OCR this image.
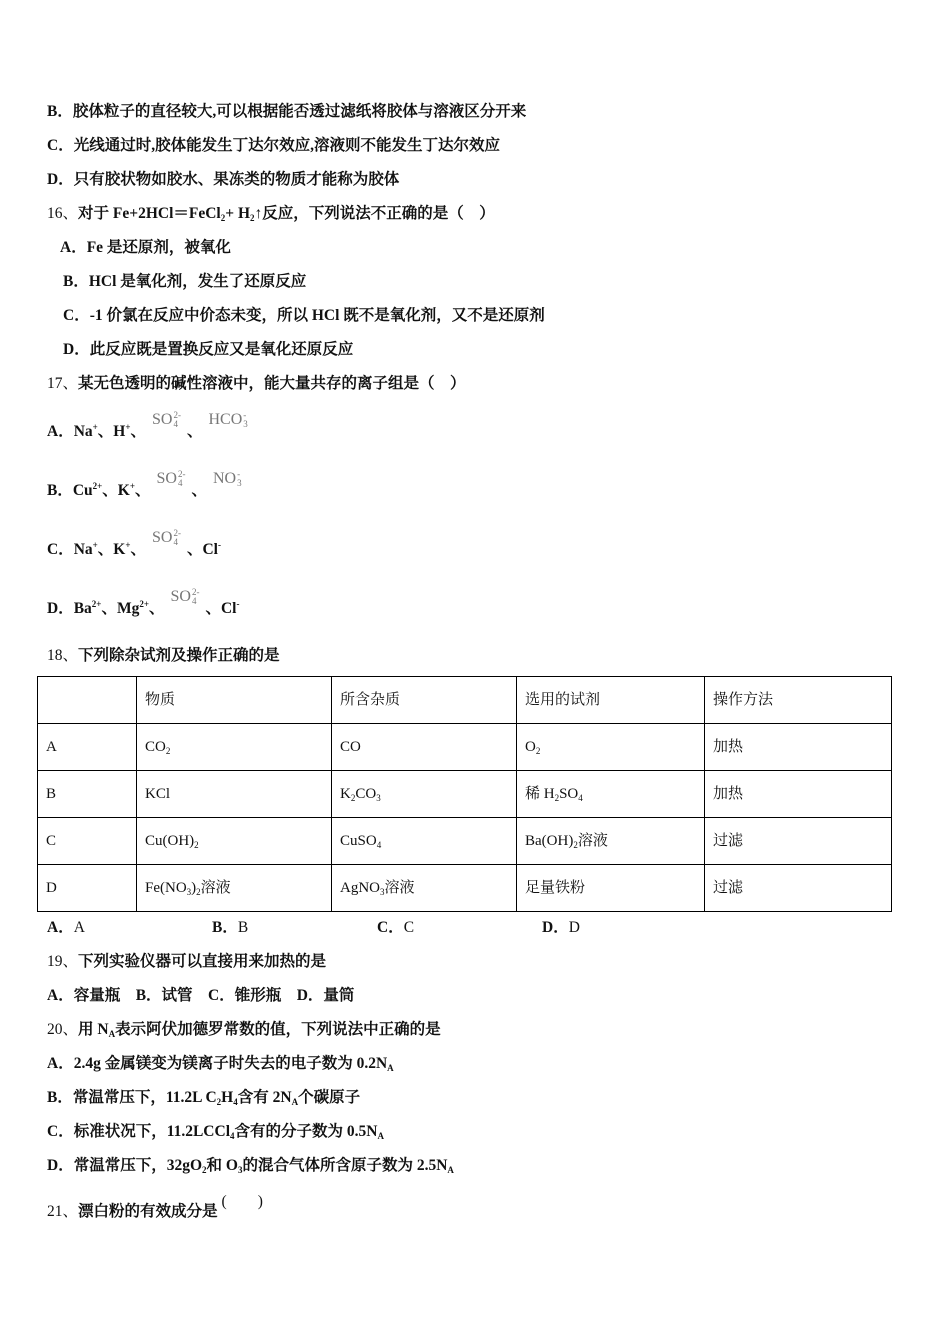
B．胶体粒子的直径较大,可以根据能否透过滤纸将胶体与溶液区分开来
C．光线通过时,胶体能发生丁达尔效应,溶液则不能发生丁达尔效应
D．只有胶状物如胶水、果冻类的物质才能称为胶体
16、对于 Fe+2HCl＝FeCl$_2$+ $H_2↑$反应，下列说法不正确的是（　）
A．Fe 是还原剂，被氧化
B．HCl 是氧化剂，发生了还原反应
C．-1 价氯在反应中价态未变，所以 HCl 既不是氧化剂，又不是还原剂
D．此反应既是置换反应又是氧化还原反应
17、某无色透明的碱性溶液中，能大量共存的离子组是（　）
A．Na+、H+、
SO 2-
4 、
HCO -
3
B．$Cu^{2+}$、K+、
SO 2-
4 、
NO -
3
C．Na+、K+、
SO 2-
4 、Cl-
D．$Ba^{2+}$、$Mg^{2+}$、
SO 2-
4 、Cl-
18、下列除杂试剂及操作正确的是
A．A	B．B	C．C	D．D
19、下列实验仪器可以直接用来加热的是
A．容量瓶　B．试管　C．锥形瓶　D．量筒
20、用 $N_A$表示阿伏加德罗常数的值，下列说法中正确的是
A．2.4g 金属镁变为镁离子时失去的电子数为 $0.2N_A$
B．常温常压下，11.2L $C_2H_4$含有 $2N_A$个碳原子
C．标准状况下，11.2LCCl$_4$含有的分子数为 $0.5N_A$
D．常温常压下，$32gO_2$和 $O_3$的混合气体所含原子数为 $2.5N_A$
21、漂白粉的有效成分是(　　)
	物质	所含杂质	选用的试剂	操作方法
A	$CO_2$	CO	$O_2$	加热
B	KCl	$K_2CO_3$	稀 $H_2SO_4$	加热
C	$Cu(OH)_2$	CuSO$_4$	$Ba(OH)_2$溶液	过滤
D	$Fe(NO_3)_2$溶液	AgNO$_3$溶液	足量铁粉	过滤
